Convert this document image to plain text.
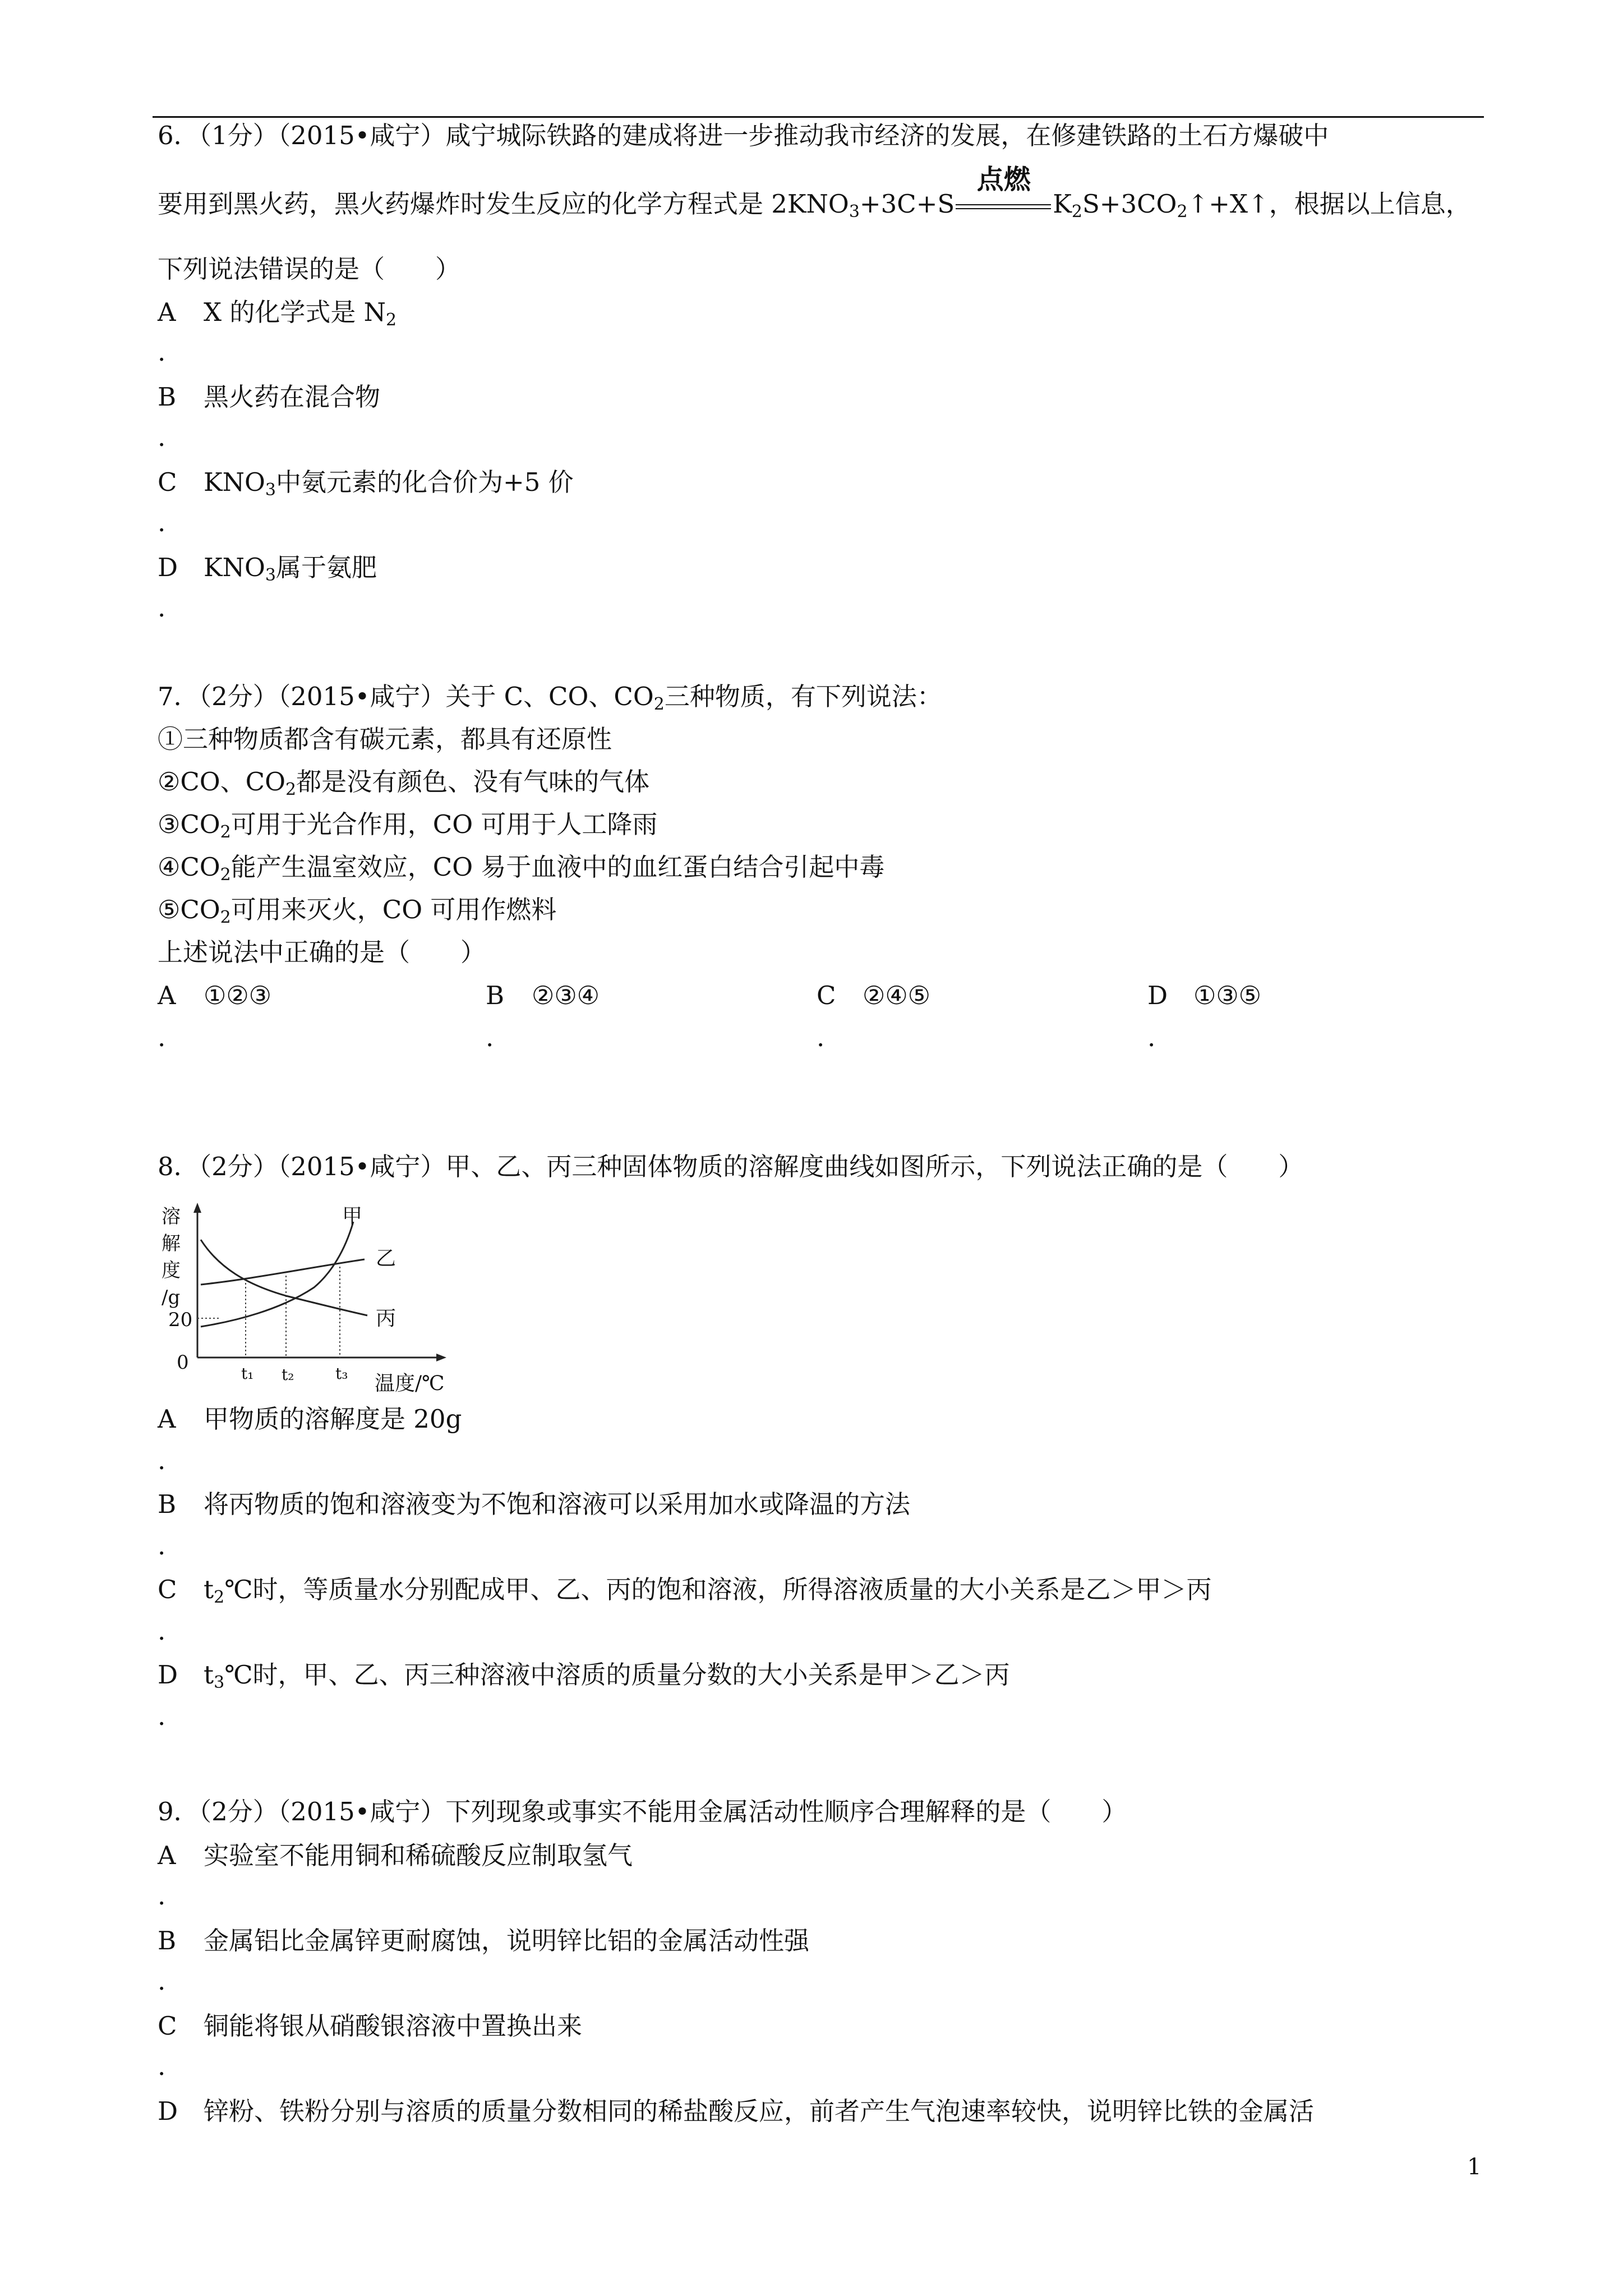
6．（1分）（2015•咸宁）咸宁城际铁路的建成将进一步推动我市经济的发展，在修建铁路的土石方爆破中
要用到黑火药，黑火药爆炸时发生反应的化学方程式是 $2KNO_3+3C+S$
点燃
$K_2S+3CO_2↑+X↑$，根据以上信息，
下列说法错误的是（　　）
A X 的化学式是 $N_2$
.
B 黑火药在混合物
.
C $KNO_3$中氨元素的化合价为+5 价
.
D $KNO_3$属于氨肥
.
7．（2分）（2015•咸宁）关于 C、CO、$CO_2$三种物质，有下列说法：
①三种物质都含有碳元素，都具有还原性
②CO、$CO_2$都是没有颜色、没有气味的气体
$③CO_2$可用于光合作用，CO 可用于人工降雨
$④CO_2$能产生温室效应，CO 易于血液中的血红蛋白结合引起中毒
$⑤CO_2$可用来灭火，CO 可用作燃料
上述说法中正确的是（　　）
A ①②③	B ②③④	C ②④⑤	D ①③⑤
.	.	.	.
8．（2分）（2015•咸宁）甲、乙、丙三种固体物质的溶解度曲线如图所示，下列说法正确的是（　　）
溶
解
度
/g
20
0	t₁ t₂	t₃ 温度/℃
甲
乙
丙
A 甲物质的溶解度是 20g
.
B 将丙物质的饱和溶液变为不饱和溶液可以采用加水或降温的方法
.
C $t_2℃$时，等质量水分别配成甲、乙、丙的饱和溶液，所得溶液质量的大小关系是乙＞甲＞丙
.
D $t_3℃$时，甲、乙、丙三种溶液中溶质的质量分数的大小关系是甲＞乙＞丙
.
9．（2分）（2015•咸宁）下列现象或事实不能用金属活动性顺序合理解释的是（　　）
A 实验室不能用铜和稀硫酸反应制取氢气
.
B 金属铝比金属锌更耐腐蚀，说明锌比铝的金属活动性强
.
C 铜能将银从硝酸银溶液中置换出来
.
D 锌粉、铁粉分别与溶质的质量分数相同的稀盐酸反应，前者产生气泡速率较快，说明锌比铁的金属活
1
